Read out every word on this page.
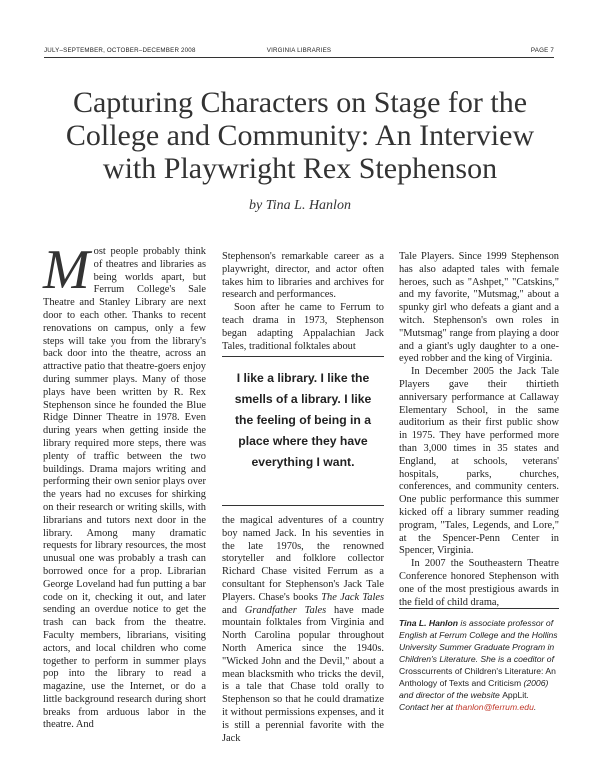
JULY–SEPTEMBER, OCTOBER–DECEMBER 2008	VIRGINIA LIBRARIES	PAGE 7
Capturing Characters on Stage for the College and Community: An Interview with Playwright Rex Stephenson
by Tina L. Hanlon

Most people probably think of theatres and libraries as being worlds apart, but Ferrum College's Sale Theatre and Stanley Library are next door to each other. Thanks to recent renovations on campus, only a few steps will take you from the library's back door into the theatre, across an attractive patio that theatre-goers enjoy during summer plays. Many of those plays have been written by R. Rex Stephenson since he founded the Blue Ridge Dinner Theatre in 1978. Even during years when getting inside the library required more steps, there was plenty of traffic between the two buildings. Drama majors writing and performing their own senior plays over the years had no excuses for shirking on their research or writing skills, with librarians and tutors next door in the library. Among many dramatic requests for library resources, the most unusual one was probably a trash can borrowed once for a prop. Librarian George Loveland had fun putting a bar code on it, checking it out, and later sending an overdue notice to get the trash can back from the theatre. Faculty members, librarians, visiting actors, and local children who come together to perform in summer plays pop into the library to read a magazine, use the Internet, or do a little background research during short breaks from arduous labor in the theatre. And

Stephenson's remarkable career as a playwright, director, and actor often takes him to libraries and archives for research and performances.

Soon after he came to Ferrum to teach drama in 1973, Stephenson began adapting Appalachian Jack Tales, traditional folktales about

I like a library. I like the smells of a library. I like the feeling of being in a place where they have everything I want.

the magical adventures of a country boy named Jack. In his seventies in the late 1970s, the renowned storyteller and folklore collector Richard Chase visited Ferrum as a consultant for Stephenson's Jack Tale Players. Chase's books The Jack Tales and Grandfather Tales have made mountain folktales from Virginia and North Carolina popular throughout North America since the 1940s. "Wicked John and the Devil," about a mean blacksmith who tricks the devil, is a tale that Chase told orally to Stephenson so that he could dramatize it without permissions expenses, and it is still a perennial favorite with the Jack

Tale Players. Since 1999 Stephenson has also adapted tales with female heroes, such as "Ashpet," "Catskins," and my favorite, "Mutsmag," about a spunky girl who defeats a giant and a witch. Stephenson's own roles in "Mutsmag" range from playing a door and a giant's ugly daughter to a one-eyed robber and the king of Virginia.

In December 2005 the Jack Tale Players gave their thirtieth anniversary performance at Callaway Elementary School, in the same auditorium as their first public show in 1975. They have performed more than 3,000 times in 35 states and England, at schools, veterans' hospitals, parks, churches, conferences, and community centers. One public performance this summer kicked off a library summer reading program, "Tales, Legends, and Lore," at the Spencer-Penn Center in Spencer, Virginia.

In 2007 the Southeastern Theatre Conference honored Stephenson with one of the most prestigious awards in the field of child drama,

Tina L. Hanlon is associate professor of English at Ferrum College and the Hollins University Summer Graduate Program in Children's Literature. She is a coeditor of Crosscurrents of Children's Literature: An Anthology of Texts and Criticism (2006) and director of the website AppLit. Contact her at thanlon@ferrum.edu.
